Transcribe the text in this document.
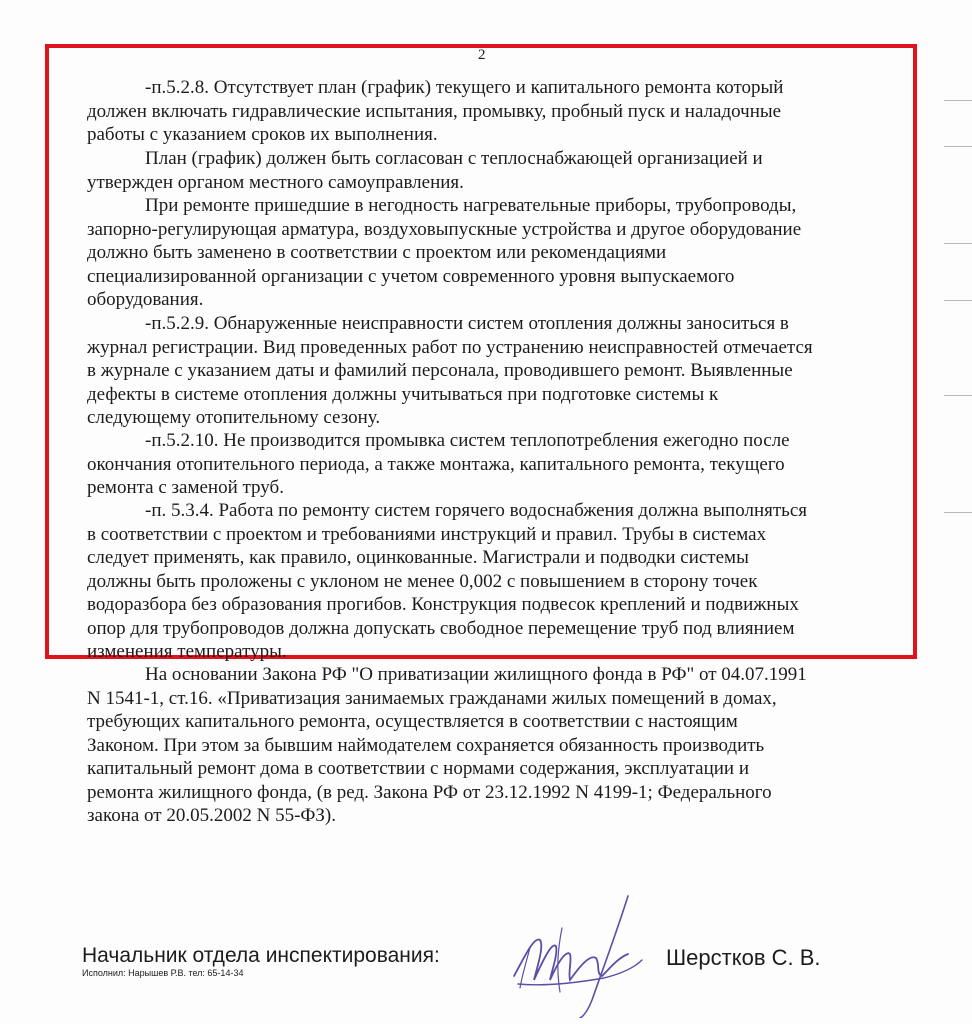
2

-п.5.2.8. Отсутствует план (график) текущего и капитального ремонта который
должен включать гидравлические испытания, промывку, пробный пуск и наладочные
работы с указанием сроков их выполнения.

План (график) должен быть согласован с теплоснабжающей организацией и
утвержден органом местного самоуправления.

При ремонте пришедшие в негодность нагревательные приборы, трубопроводы,
запорно-регулирующая арматура, воздуховыпускные устройства и другое оборудование
должно быть заменено в соответствии с проектом или рекомендациями
специализированной организации с учетом современного уровня выпускаемого
оборудования.

-п.5.2.9. Обнаруженные неисправности систем отопления должны заноситься в
журнал регистрации. Вид проведенных работ по устранению неисправностей отмечается
в журнале с указанием даты и фамилий персонала, проводившего ремонт. Выявленные
дефекты в системе отопления должны учитываться при подготовке системы к
следующему отопительному сезону.

-п.5.2.10. Не производится промывка систем теплопотребления ежегодно после
окончания отопительного периода, а также монтажа, капитального ремонта, текущего
ремонта с заменой труб.

-п. 5.3.4. Работа по ремонту систем горячего водоснабжения должна выполняться
в соответствии с проектом и требованиями инструкций и правил. Трубы в системах
следует применять, как правило, оцинкованные. Магистрали и подводки системы
должны быть проложены с уклоном не менее 0,002 с повышением в сторону точек
водоразбора без образования прогибов. Конструкция подвесок креплений и подвижных
опор для трубопроводов должна допускать свободное перемещение труб под влиянием
изменения температуры.

На основании Закона РФ "О приватизации жилищного фонда в РФ" от 04.07.1991
N 1541-1, ст.16. «Приватизация занимаемых гражданами жилых помещений в домах,
требующих капитального ремонта, осуществляется в соответствии с настоящим
Законом. При этом за бывшим наймодателем сохраняется обязанность производить
капитальный ремонт дома в соответствии с нормами содержания, эксплуатации и
ремонта жилищного фонда, (в ред. Закона РФ от 23.12.1992 N 4199-1; Федерального
закона от 20.05.2002 N 55-ФЗ).

Начальник отдела инспектирования:
Исполнил: Нарышев Р.В. тел: 65-14-34
Шерстков С. В.
